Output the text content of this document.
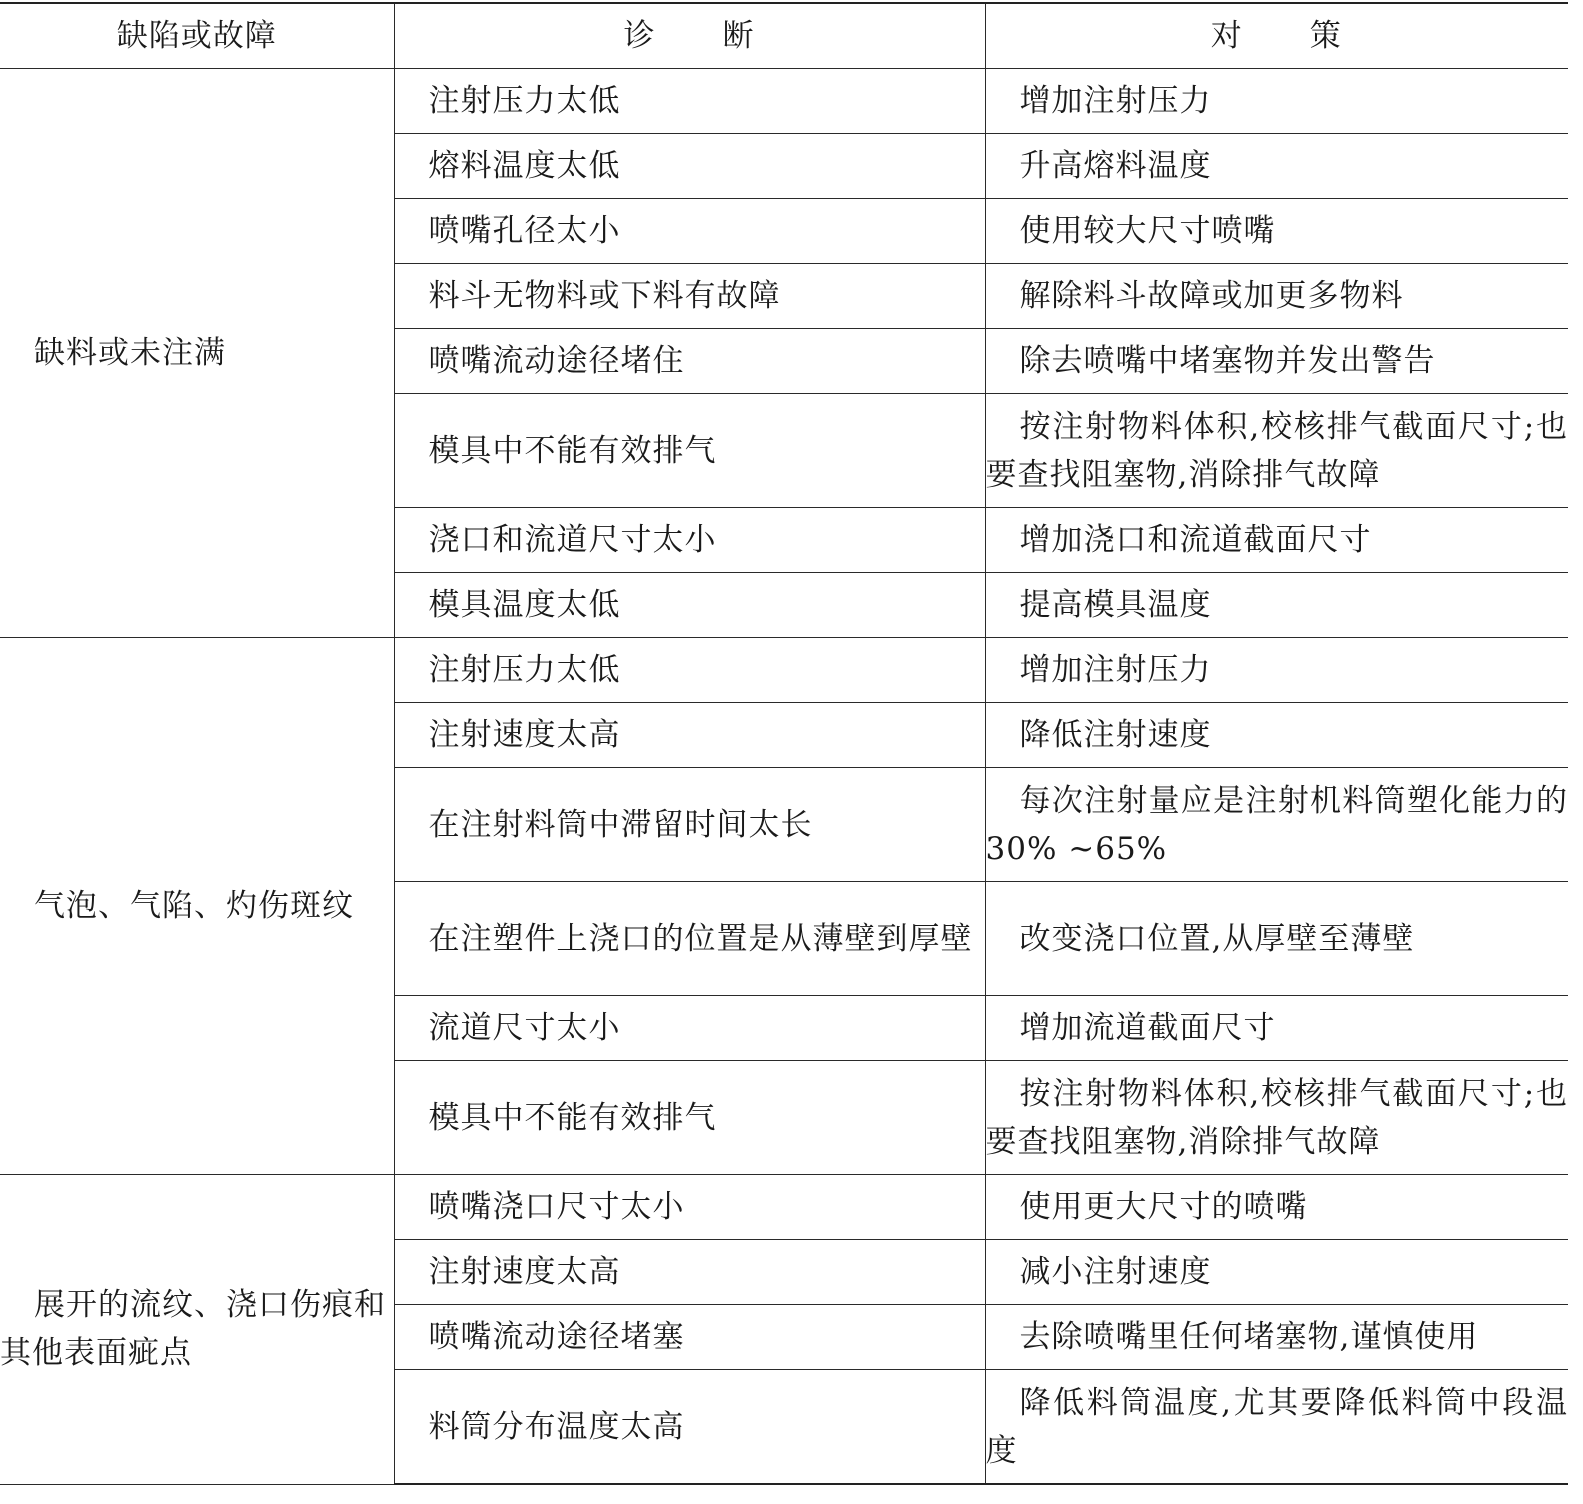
缺陷或故障	诊　　断	对　　策
缺料或未注满	注射压力太低	增加注射压力
	熔料温度太低	升高熔料温度
	喷嘴孔径太小	使用较大尺寸喷嘴
	料斗无物料或下料有故障	解除料斗故障或加更多物料
	喷嘴流动途径堵住	除去喷嘴中堵塞物并发出警告
	模具中不能有效排气	按注射物料体积,校核排气截面尺寸;也要查找阻塞物,消除排气故障
	浇口和流道尺寸太小	增加浇口和流道截面尺寸
	模具温度太低	提高模具温度
气泡、气陷、灼伤斑纹	注射压力太低	增加注射压力
	注射速度太高	降低注射速度
	在注射料筒中滞留时间太长	每次注射量应是注射机料筒塑化能力的30% ~65%
	在注塑件上浇口的位置是从薄壁到厚壁	改变浇口位置,从厚壁至薄壁
	流道尺寸太小	增加流道截面尺寸
	模具中不能有效排气	按注射物料体积,校核排气截面尺寸;也要查找阻塞物,消除排气故障
展开的流纹、浇口伤痕和其他表面疵点	喷嘴浇口尺寸太小	使用更大尺寸的喷嘴
	注射速度太高	减小注射速度
	喷嘴流动途径堵塞	去除喷嘴里任何堵塞物,谨慎使用
	料筒分布温度太高	降低料筒温度,尤其要降低料筒中段温度
